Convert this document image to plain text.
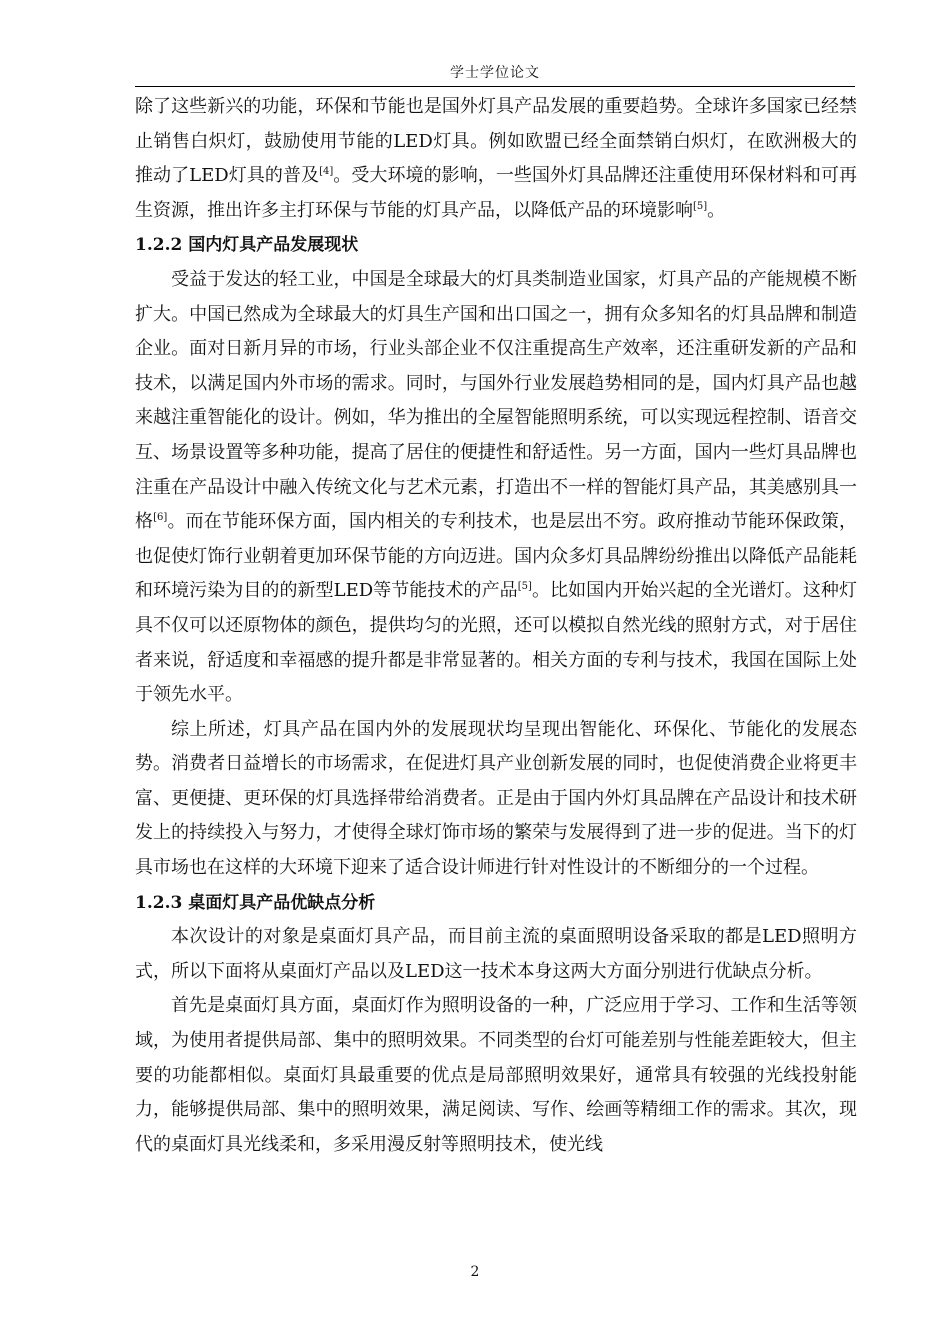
学士学位论文

除了这些新兴的功能，环保和节能也是国外灯具产品发展的重要趋势。全球许多国家已经禁止销售白炽灯，鼓励使用节能的LED灯具。例如欧盟已经全面禁销白炽灯，在欧洲极大的推动了LED灯具的普及[4]。受大环境的影响，一些国外灯具品牌还注重使用环保材料和可再生资源，推出许多主打环保与节能的灯具产品，以降低产品的环境影响[5]。

1.2.2 国内灯具产品发展现状

受益于发达的轻工业，中国是全球最大的灯具类制造业国家，灯具产品的产能规模不断扩大。中国已然成为全球最大的灯具生产国和出口国之一，拥有众多知名的灯具品牌和制造企业。面对日新月异的市场，行业头部企业不仅注重提高生产效率，还注重研发新的产品和技术，以满足国内外市场的需求。同时，与国外行业发展趋势相同的是，国内灯具产品也越来越注重智能化的设计。例如，华为推出的全屋智能照明系统，可以实现远程控制、语音交互、场景设置等多种功能，提高了居住的便捷性和舒适性。另一方面，国内一些灯具品牌也注重在产品设计中融入传统文化与艺术元素，打造出不一样的智能灯具产品，其美感别具一格[6]。而在节能环保方面，国内相关的专利技术，也是层出不穷。政府推动节能环保政策，也促使灯饰行业朝着更加环保节能的方向迈进。国内众多灯具品牌纷纷推出以降低产品能耗和环境污染为目的的新型LED等节能技术的产品[5]。比如国内开始兴起的全光谱灯。这种灯具不仅可以还原物体的颜色，提供均匀的光照，还可以模拟自然光线的照射方式，对于居住者来说，舒适度和幸福感的提升都是非常显著的。相关方面的专利与技术，我国在国际上处于领先水平。

综上所述，灯具产品在国内外的发展现状均呈现出智能化、环保化、节能化的发展态势。消费者日益增长的市场需求，在促进灯具产业创新发展的同时，也促使消费企业将更丰富、更便捷、更环保的灯具选择带给消费者。正是由于国内外灯具品牌在产品设计和技术研发上的持续投入与努力，才使得全球灯饰市场的繁荣与发展得到了进一步的促进。当下的灯具市场也在这样的大环境下迎来了适合设计师进行针对性设计的不断细分的一个过程。

1.2.3 桌面灯具产品优缺点分析

本次设计的对象是桌面灯具产品，而目前主流的桌面照明设备采取的都是LED照明方式，所以下面将从桌面灯产品以及LED这一技术本身这两大方面分别进行优缺点分析。

首先是桌面灯具方面，桌面灯作为照明设备的一种，广泛应用于学习、工作和生活等领域，为使用者提供局部、集中的照明效果。不同类型的台灯可能差别与性能差距较大，但主要的功能都相似。桌面灯具最重要的优点是局部照明效果好，通常具有较强的光线投射能力，能够提供局部、集中的照明效果，满足阅读、写作、绘画等精细工作的需求。其次，现代的桌面灯具光线柔和，多采用漫反射等照明技术，使光线

2
